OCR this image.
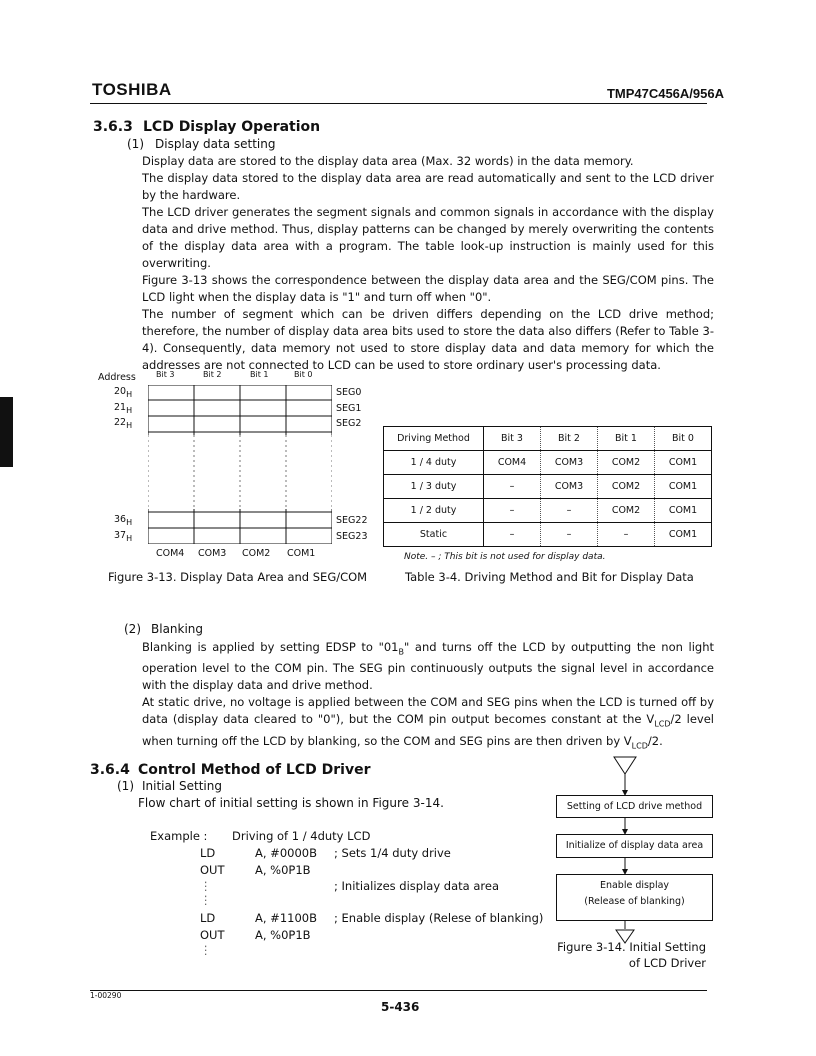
TOSHIBA	TMP47C456A/956A
3.6.3 LCD Display Operation
(1) Display data setting

Display data are stored to the display data area (Max. 32 words) in the data memory.

The display data stored to the display data area are read automatically and sent to the LCD driver by the hardware.

The LCD driver generates the segment signals and common signals in accordance with the display data and drive method. Thus, display patterns can be changed by merely overwriting the contents of the display data area with a program. The table look-up instruction is mainly used for this overwriting.

Figure 3-13 shows the correspondence between the display data area and the SEG/COM pins. The LCD light when the display data is "1" and turn off when "0".

The number of segment which can be driven differs depending on the LCD drive method; therefore, the number of display data area bits used to store the data also differs (Refer to Table 3-4). Consequently, data memory not used to store display data and data memory for which the addresses are not connected to LCD can be used to store ordinary user's processing data.

Address	Bit 3	Bit 2	Bit 1	Bit 0
$20_H$
$21_H$
$22_H$
$36_H$
$37_H$
SEG0
SEG1
SEG2
SEG22
SEG23
COM4 COM3 COM2 COM1
Figure 3-13. Display Data Area and SEG/COM
Driving Method	Bit 3	Bit 2	Bit 1	Bit 0
1 / 4 duty	COM4	COM3	COM2	COM1
1 / 3 duty	–	COM3	COM2	COM1
1 / 2 duty	–	–	COM2	COM1
Static	–	–	–	COM1
Note. – ; This bit is not used for display data.
Table 3-4. Driving Method and Bit for Display Data
(2) Blanking

Blanking is applied by setting EDSP to "$01_B$" and turns off the LCD by outputting the non light operation level to the COM pin. The SEG pin continuously outputs the signal level in accordance with the display data and drive method.

At static drive, no voltage is applied between the COM and SEG pins when the LCD is turned off by data (display data cleared to "0"), but the COM pin output becomes constant at the $V_{LCD}/2$ level when turning off the LCD by blanking, so the COM and SEG pins are then driven by $V_{LCD}/2$.

3.6.4 Control Method of LCD Driver
(1) Initial Setting
Flow chart of initial setting is shown in Figure 3-14.
Example : Driving of 1 / 4duty LCD
LD	A, #0000B ; Sets 1/4 duty drive
OUT	A, %0P1B
⋮	; Initializes display data area
⋮
LD	A, #1100B ; Enable display (Relese of blanking)
OUT	A, %0P1B
⋮
Setting of LCD drive method
Initialize of display data area
Enable display
(Release of blanking)
Figure 3-14. Initial Setting
of LCD Driver
1-00290
5-436
